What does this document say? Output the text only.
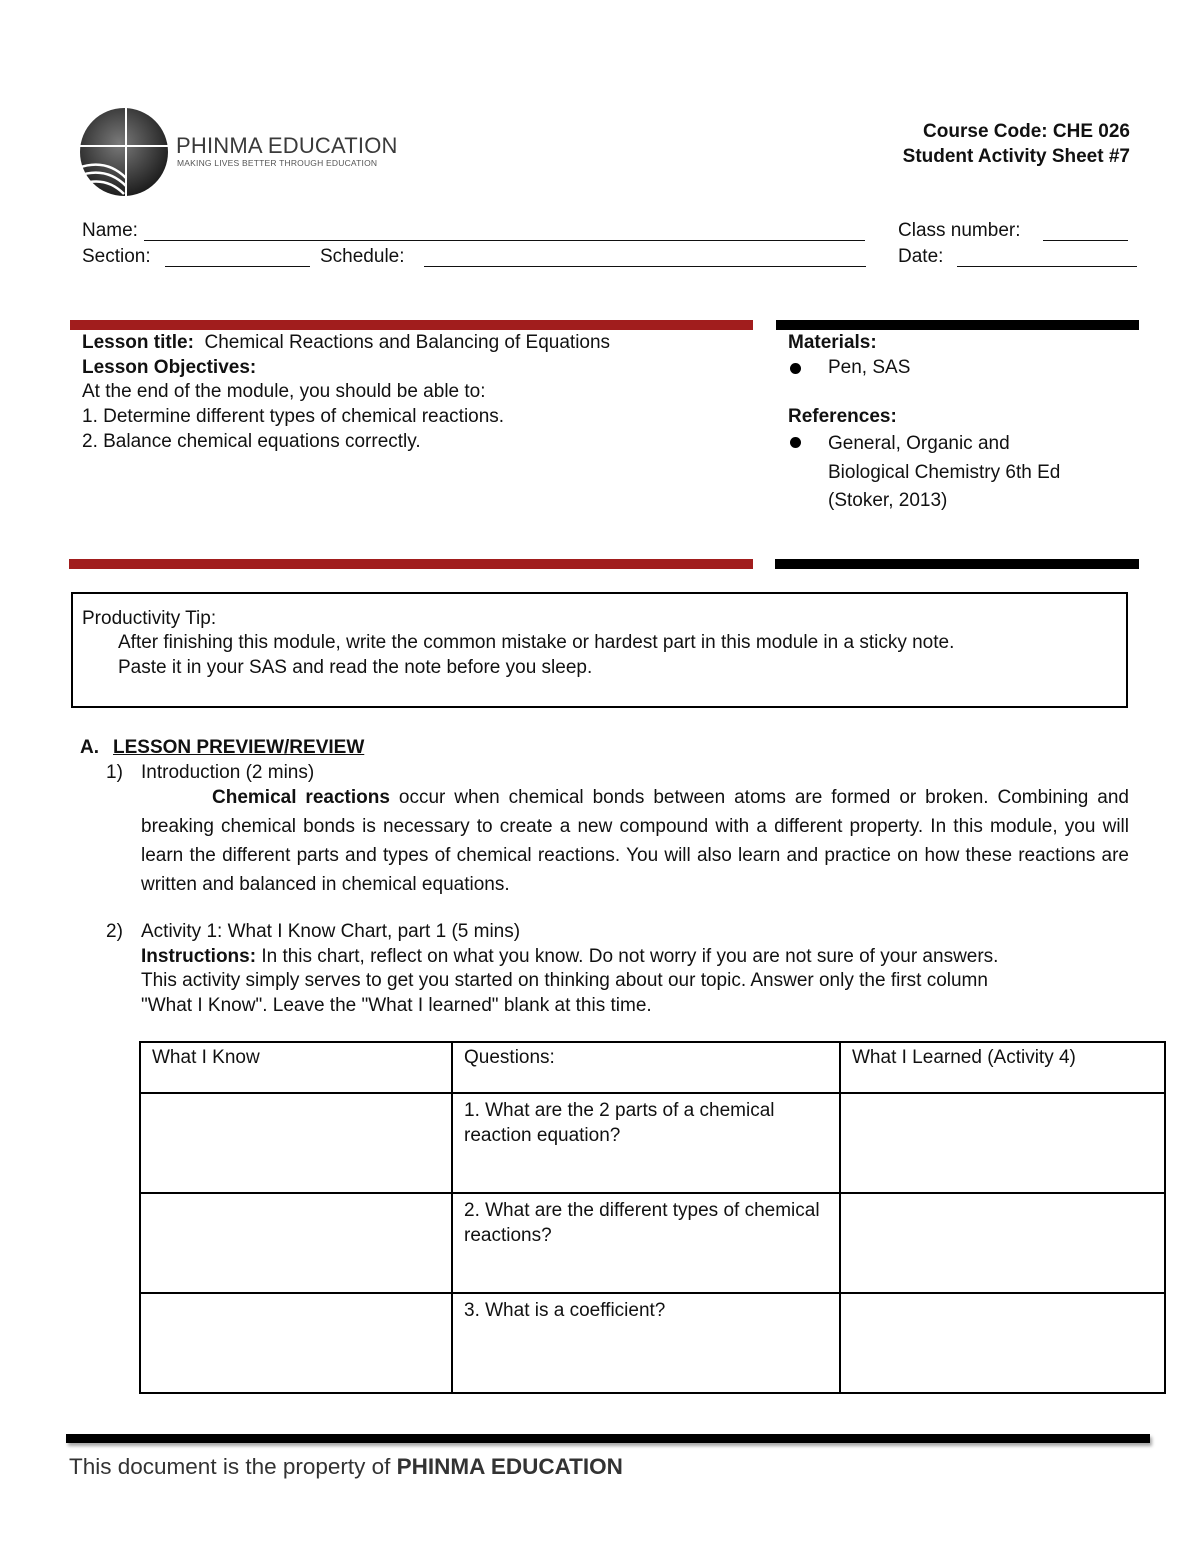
PHINMA EDUCATION
MAKING LIVES BETTER THROUGH EDUCATION
Course Code: CHE 026
Student Activity Sheet #7
Name:	Class number:
Section:	Schedule:	Date:
Lesson title: Chemical Reactions and Balancing of Equations
Lesson Objectives:
At the end of the module, you should be able to:
1. Determine different types of chemical reactions.
2. Balance chemical equations correctly.
Materials:
Pen, SAS
References:
General, Organic and
Biological Chemistry 6th Ed
(Stoker, 2013)
Productivity Tip:
After finishing this module, write the common mistake or hardest part in this module in a sticky note.
Paste it in your SAS and read the note before you sleep.
A. LESSON PREVIEW/REVIEW
1) Introduction (2 mins)

Chemical reactions occur when chemical bonds between atoms are formed or broken. Combining and breaking chemical bonds is necessary to create a new compound with a different property. In this module, you will learn the different parts and types of chemical reactions. You will also learn and practice on how these reactions are written and balanced in chemical equations.

2) Activity 1: What I Know Chart, part 1 (5 mins)
Instructions: In this chart, reflect on what you know. Do not worry if you are not sure of your answers.
This activity simply serves to get you started on thinking about our topic. Answer only the first column
"What I Know". Leave the "What I learned" blank at this time.
What I Know	Questions:	What I Learned (Activity 4)
	1. What are the 2 parts of a chemical reaction equation?	
	2. What are the different types of chemical reactions?	
	3. What is a coefficient?	
This document is the property of PHINMA EDUCATION
